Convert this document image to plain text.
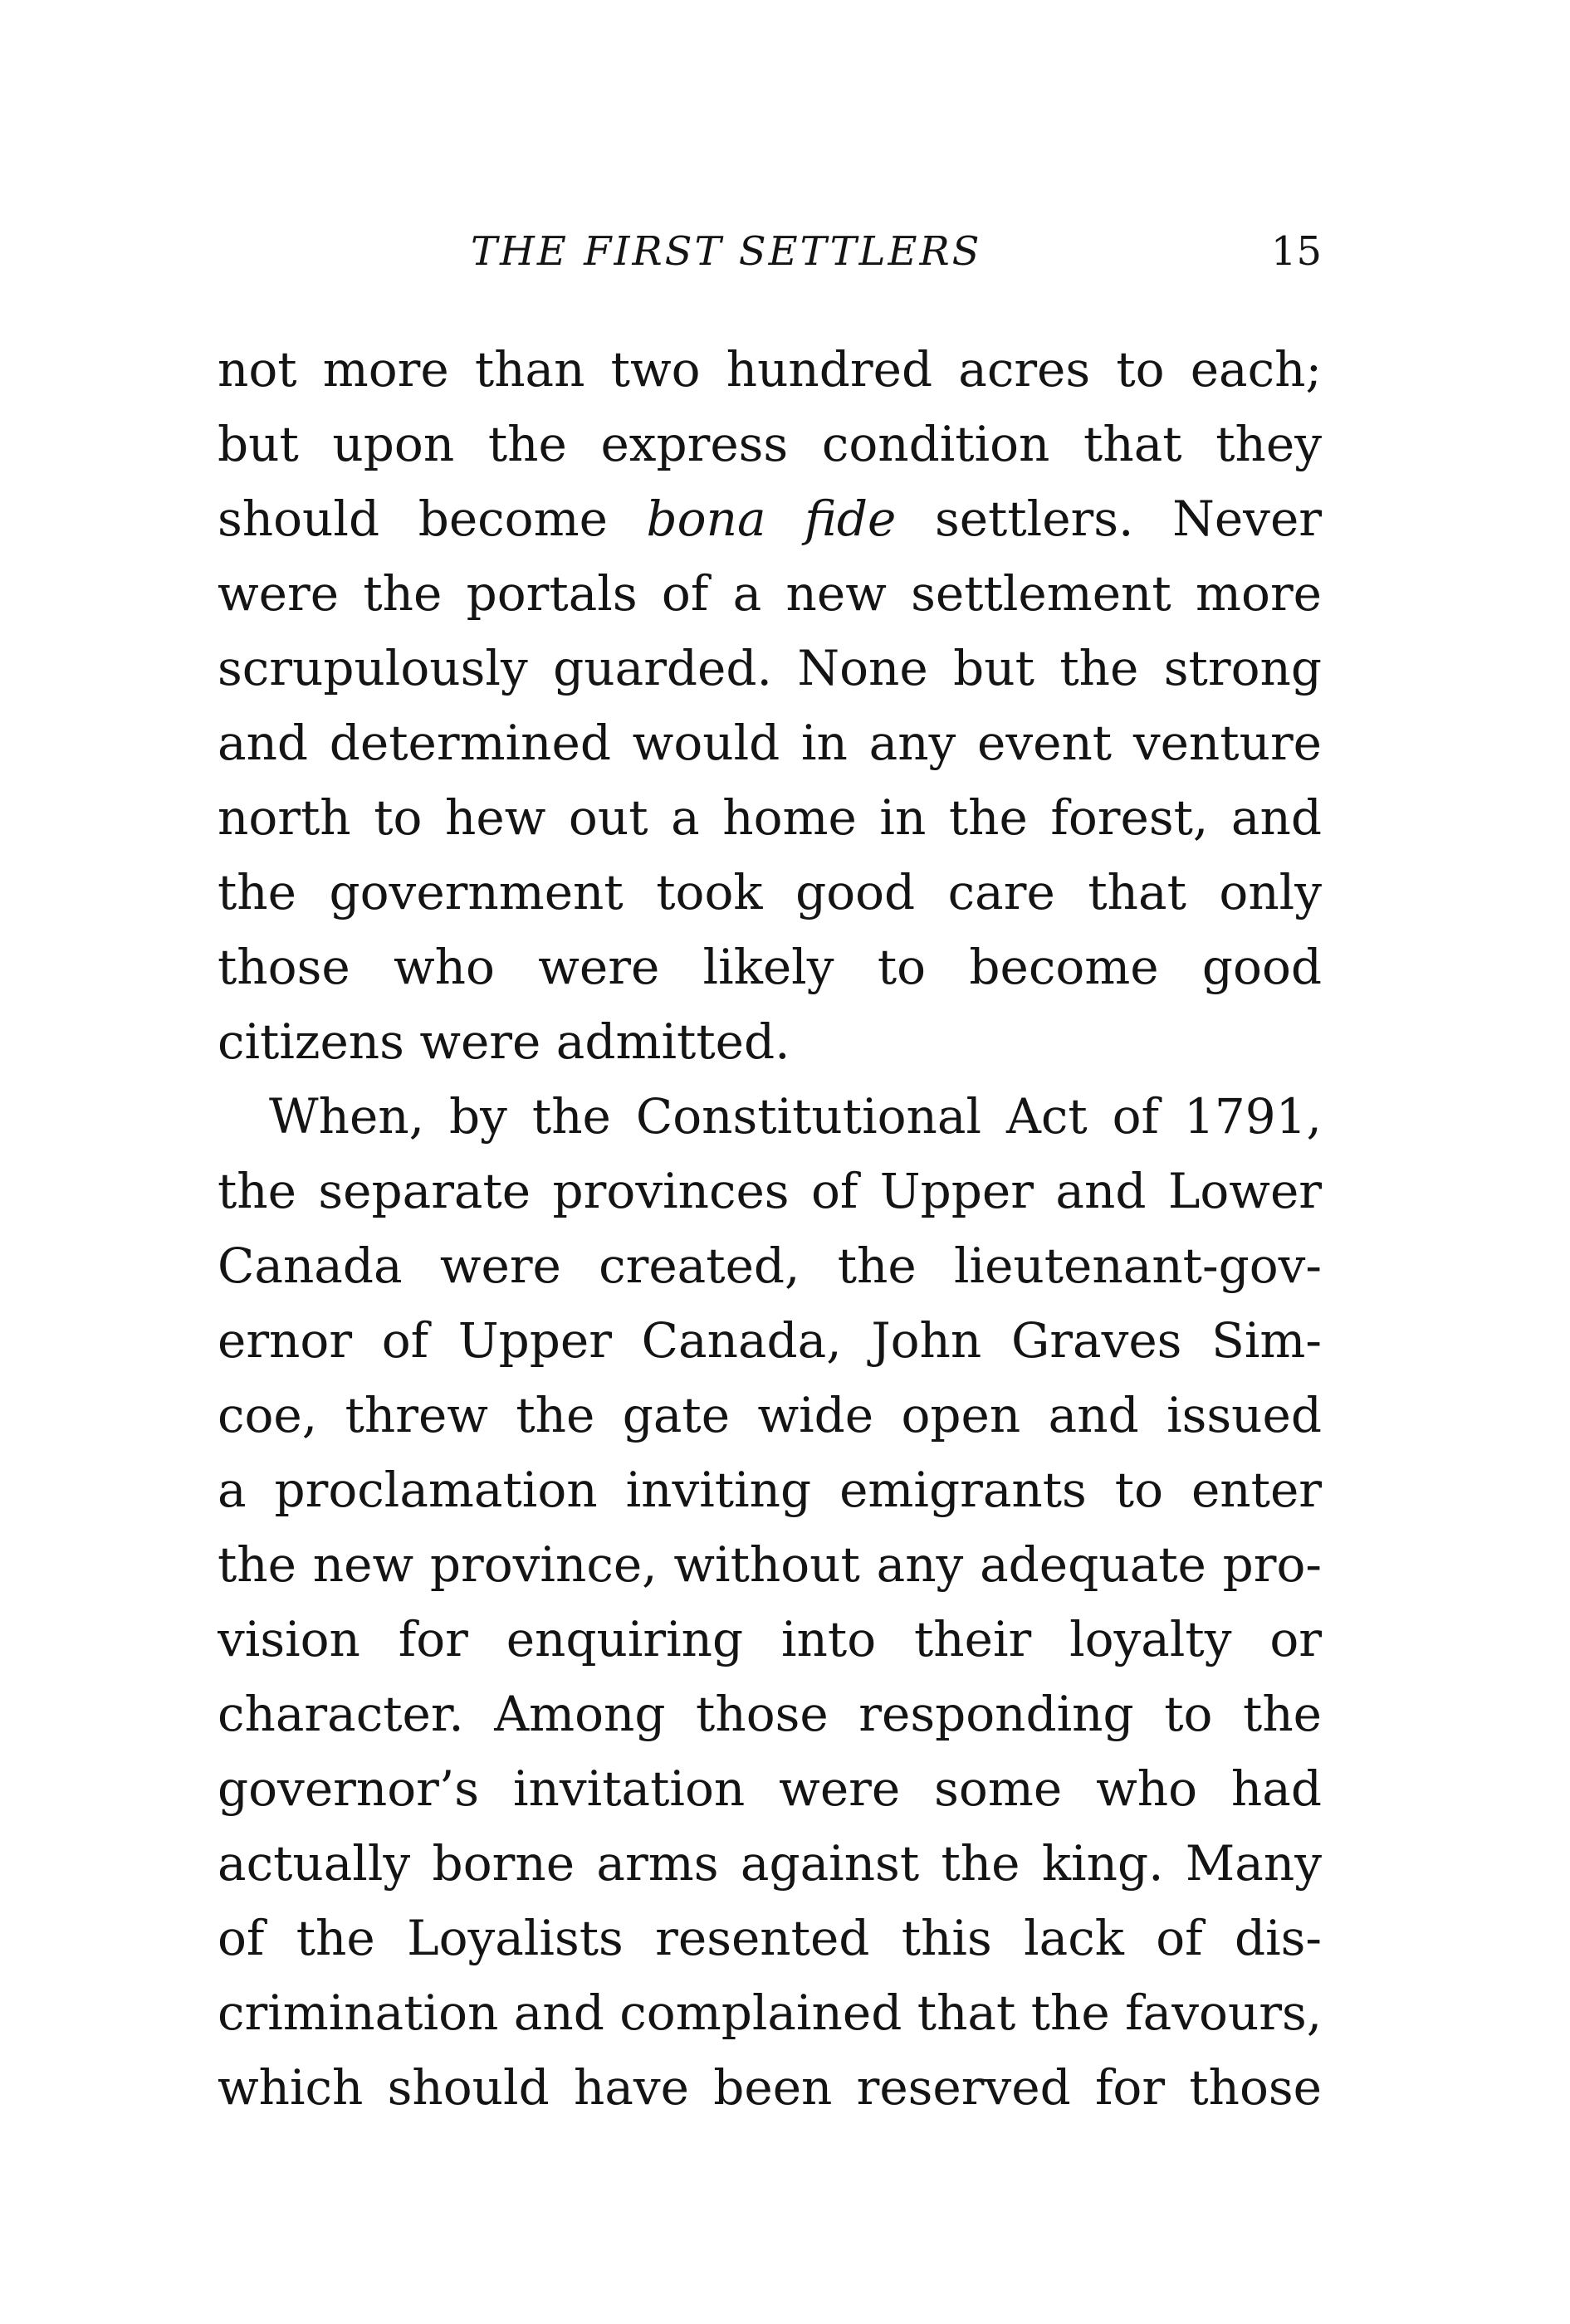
THE FIRST SETTLERS	15
not more than two hundred acres to each;
but upon the express condition that they
should become bona fide settlers. Never
were the portals of a new settlement more
scrupulously guarded. None but the strong
and determined would in any event venture
north to hew out a home in the forest, and
the government took good care that only
those who were likely to become good
citizens were admitted.
When, by the Constitutional Act of 1791,
the separate provinces of Upper and Lower
Canada were created, the lieutenant-gov-
ernor of Upper Canada, John Graves Sim-
coe, threw the gate wide open and issued
a proclamation inviting emigrants to enter
the new province, without any adequate pro-
vision for enquiring into their loyalty or
character. Among those responding to the
governor’s invitation were some who had
actually borne arms against the king. Many
of the Loyalists resented this lack of dis-
crimination and complained that the favours,
which should have been reserved for those
